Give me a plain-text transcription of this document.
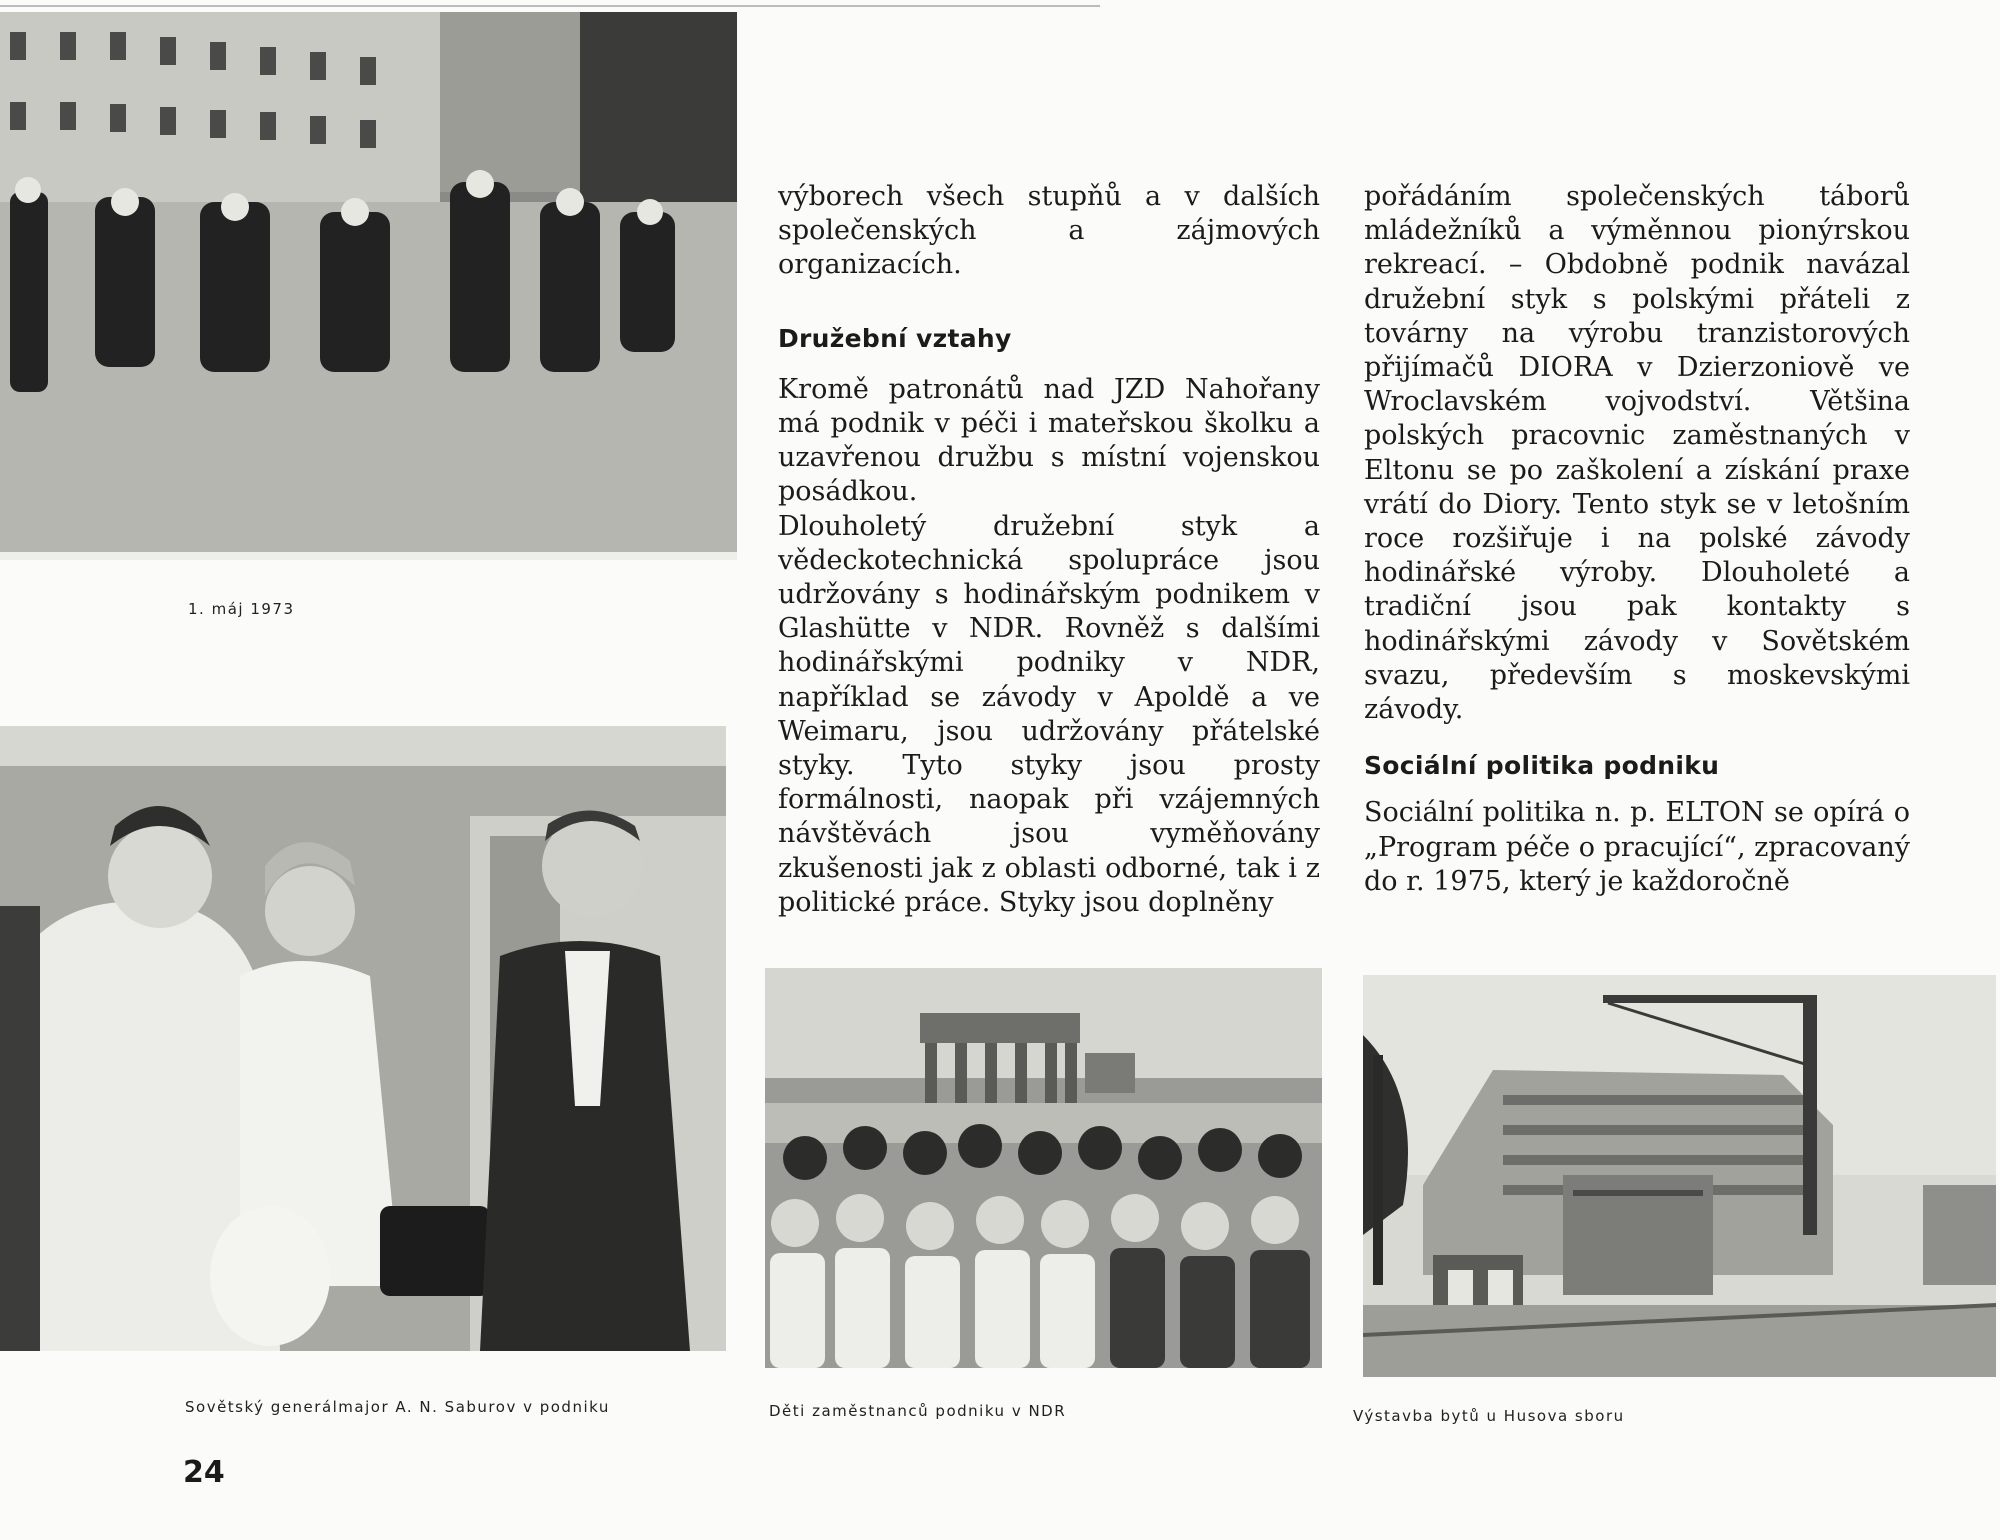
1. máj 1973
Sovětský generálmajor A. N. Saburov v podniku	Děti zaměstnanců podniku v NDR	Výstavba bytů u Husova sboru

výborech všech stupňů a v dalších společenských a zájmových organizacích.

Družební vztahy

Kromě patronátů nad JZD Nahořany má podnik v péči i mateřskou školku a uzavřenou družbu s místní vojenskou posádkou.

Dlouholetý družební styk a vědeckotechnická spolupráce jsou udržovány s hodinářským podnikem v Glashütte v NDR. Rovněž s dalšími hodinářskými podniky v NDR, například se závody v Apoldě a ve Weimaru, jsou udržovány přátelské styky. Tyto styky jsou prosty formálnosti, naopak při vzájemných návštěvách jsou vyměňovány zkušenosti jak z oblasti odborné, tak i z politické práce. Styky jsou doplněny

pořádáním společenských táborů mládežníků a výměnnou pionýrskou rekreací. – Obdobně podnik navázal družební styk s polskými přáteli z továrny na výrobu tranzistorových přijímačů DIORA v Dzierzoniově ve Wroclavském vojvodství. Většina polských pracovnic zaměstnaných v Eltonu se po zaškolení a získání praxe vrátí do Diory. Tento styk se v letošním roce rozšiřuje i na polské závody hodinářské výroby. Dlouholeté a tradiční jsou pak kontakty s hodinářskými závody v Sovětském svazu, především s moskevskými závody.

Sociální politika podniku

Sociální politika n. p. ELTON se opírá o „Program péče o pracující“, zpracovaný do r. 1975, který je každoročně

24
